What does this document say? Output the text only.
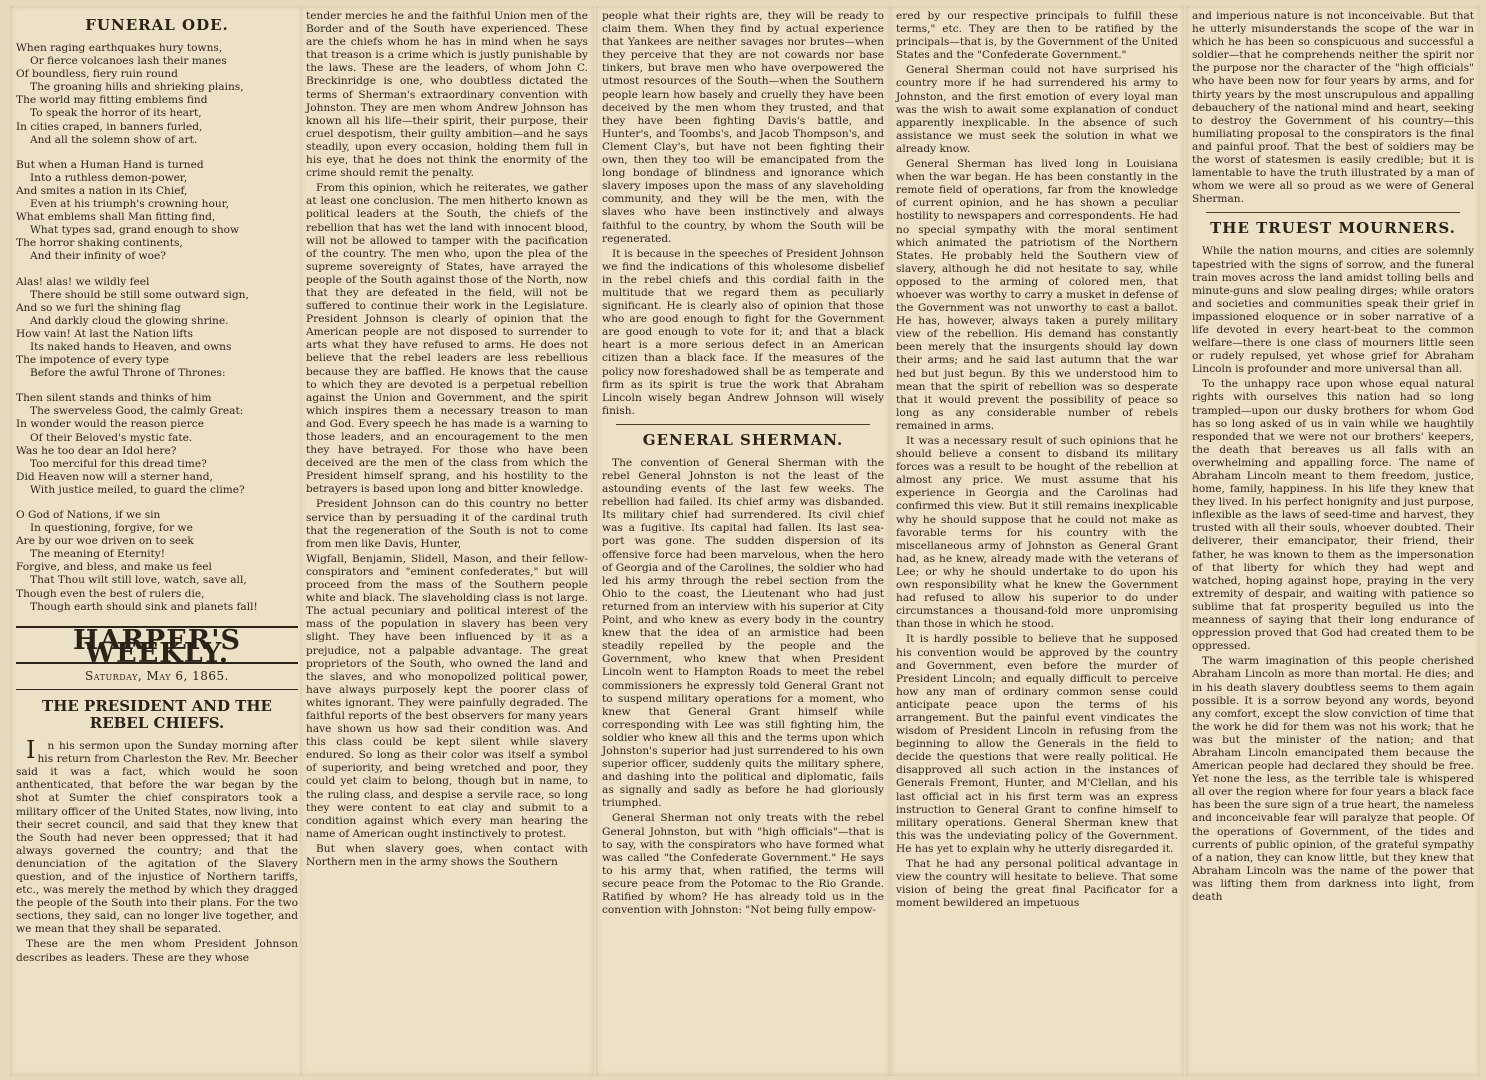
FUNERAL ODE.
When raging earthquakes hury towns,
Or fierce volcanoes lash their manes
Of boundless, fiery ruin round
The groaning hills and shrieking plains,
The world may fitting emblems find
To speak the horror of its heart,
In cities craped, in banners furled,
And all the solemn show of art.
But when a Human Hand is turned
Into a ruthless demon-power,
And smites a nation in its Chief,
Even at his triumph's crowning hour,
What emblems shall Man fitting find,
What types sad, grand enough to show
The horror shaking continents,
And their infinity of woe?
Alas! alas! we wildly feel
There should be still some outward sign,
And so we furl the shining flag
And darkly cloud the glowing shrine.
How vain! At last the Nation lifts
Its naked hands to Heaven, and owns
The impotence of every type
Before the awful Throne of Thrones:
Then silent stands and thinks of him
The swerveless Good, the calmly Great:
In wonder would the reason pierce
Of their Beloved's mystic fate.
Was he too dear an Idol here?
Too merciful for this dread time?
Did Heaven now will a sterner hand,
With justice meiled, to guard the clime?
O God of Nations, if we sin
In questioning, forgive, for we
Are by our woe driven on to seek
The meaning of Eternity!
Forgive, and bless, and make us feel
That Thou wilt still love, watch, save all,
Though even the best of rulers die,
Though earth should sink and planets fall!
HARPER'S WEEKLY.
Saturday, May 6, 1865.
THE PRESIDENT AND THE
REBEL CHIEFS.

In his sermon upon the Sunday morning after his return from Charleston the Rev. Mr. Beecher said it was a fact, which would he soon anthenticated, that before the war began by the shot at Sumter the chief conspirators took a military officer of the United States, now living, into their secret council, and said that they knew that the South had never been oppressed; that it had always governed the country; and that the denunciation of the agitation of the Slavery question, and of the injustice of Northern tariffs, etc., was merely the method by which they dragged the people of the South into their plans. For the two sections, they said, can no longer live together, and we mean that they shall be separated.

These are the men whom President Johnson describes as leaders. These are they whose

tender mercies he and the faithful Union men of the Border and of the South have experienced. These are the chiefs whom he has in mind when he says that treason is a crime which is justly punishable by the laws. These are the leaders, of whom John C. Breckinridge is one, who doubtless dictated the terms of Sherman's extraordinary convention with Johnston. They are men whom Andrew Johnson has known all his life—their spirit, their purpose, their cruel despotism, their guilty ambition—and he says steadily, upon every occasion, holding them full in his eye, that he does not think the enormity of the crime should remit the penalty.

From this opinion, which he reiterates, we gather at least one conclusion. The men hitherto known as political leaders at the South, the chiefs of the rebellion that has wet the land with innocent blood, will not be allowed to tamper with the pacification of the country. The men who, upon the plea of the supreme sovereignty of States, have arrayed the people of the South against those of the North, now that they are defeated in the field, will not be suffered to continue their work in the Legislature. President Johnson is clearly of opinion that the American people are not disposed to surrender to arts what they have refused to arms. He does not believe that the rebel leaders are less rebellious because they are baffled. He knows that the cause to which they are devoted is a perpetual rebellion against the Union and Government, and the spirit which inspires them a necessary treason to man and God. Every speech he has made is a warning to those leaders, and an encouragement to the men they have betrayed. For those who have been deceived are the men of the class from which the President himself sprang, and his hostility to the betrayers is based upon long and bitter knowledge.

President Johnson can do this country no better service than by persuading it of the cardinal truth that the regeneration of the South is not to come from men like Davis, Hunter,

Wigfall, Benjamin, Slidell, Mason, and their fellow-conspirators and "eminent confederates," but will proceed from the mass of the Southern people white and black. The slaveholding class is not large. The actual pecuniary and political interest of the mass of the population in slavery has been very slight. They have been influenced by it as a prejudice, not a palpable advantage. The great proprietors of the South, who owned the land and the slaves, and who monopolized political power, have always purposely kept the poorer class of whites ignorant. They were painfully degraded. The faithful reports of the best observers for many years have shown us how sad their condition was. And this class could be kept silent while slavery endured. So long as their color was itself a symbol of superiority, and being wretched and poor, they could yet claim to belong, though but in name, to the ruling class, and despise a servile race, so long they were content to eat clay and submit to a condition against which every man hearing the name of American ought instinctively to protest.

But when slavery goes, when contact with Northern men in the army shows the Southern

people what their rights are, they will be ready to claim them. When they find by actual experience that Yankees are neither savages nor brutes—when they perceive that they are not cowards nor base tinkers, but brave men who have overpowered the utmost resources of the South—when the Southern people learn how basely and cruelly they have been deceived by the men whom they trusted, and that they have been fighting Davis's battle, and Hunter's, and Toombs's, and Jacob Thompson's, and Clement Clay's, but have not been fighting their own, then they too will be emancipated from the long bondage of blindness and ignorance which slavery imposes upon the mass of any slaveholding community, and they will be the men, with the slaves who have been instinctively and always faithful to the country, by whom the South will be regenerated.

It is because in the speeches of President Johnson we find the indications of this wholesome disbelief in the rebel chiefs and this cordial faith in the multitude that we regard them as peculiarly significant. He is clearly also of opinion that those who are good enough to fight for the Government are good enough to vote for it; and that a black heart is a more serious defect in an American citizen than a black face. If the measures of the policy now foreshadowed shall be as temperate and firm as its spirit is true the work that Abraham Lincoln wisely began Andrew Johnson will wisely finish.

GENERAL SHERMAN.

The convention of General Sherman with the rebel General Johnston is not the least of the astounding events of the last few weeks. The rebellion had failed. Its chief army was disbanded. Its military chief had surrendered. Its civil chief was a fugitive. Its capital had fallen. Its last sea-port was gone. The sudden dispersion of its offensive force had been marvelous, when the hero of Georgia and of the Carolines, the soldier who had led his army through the rebel section from the Ohio to the coast, the Lieutenant who had just returned from an interview with his superior at City Point, and who knew as every body in the country knew that the idea of an armistice had been steadily repelled by the people and the Government, who knew that when President Lincoln went to Hampton Roads to meet the rebel commissioners he expressly told General Grant not to suspend military operations for a moment, who knew that General Grant himself while corresponding with Lee was still fighting him, the soldier who knew all this and the terms upon which Johnston's superior had just surrendered to his own superior officer, suddenly quits the military sphere, and dashing into the political and diplomatic, fails as signally and sadly as before he had gloriously triumphed.

General Sherman not only treats with the rebel General Johnston, but with "high officials"—that is to say, with the conspirators who have formed what was called "the Confederate Government." He says to his army that, when ratified, the terms will secure peace from the Potomac to the Rio Grande. Ratified by whom? He has already told us in the convention with Johnston: "Not being fully empow-

ered by our respective principals to fulfill these terms," etc. They are then to be ratified by the principals—that is, by the Government of the United States and the "Confederate Government."

General Sherman could not have surprised his country more if he had surrendered his army to Johnston, and the first emotion of every loyal man was the wish to await some explanation of conduct apparently inexplicable. In the absence of such assistance we must seek the solution in what we already know.

General Sherman has lived long in Louisiana when the war began. He has been constantly in the remote field of operations, far from the knowledge of current opinion, and he has shown a peculiar hostility to newspapers and correspondents. He had no special sympathy with the moral sentiment which animated the patriotism of the Northern States. He probably held the Southern view of slavery, although he did not hesitate to say, while opposed to the arming of colored men, that whoever was worthy to carry a musket in defense of the Government was not unworthy to cast a ballot. He has, however, always taken a purely military view of the rebellion. His demand has constantly been merely that the insurgents should lay down their arms; and he said last autumn that the war hed but just begun. By this we understood him to mean that the spirit of rebellion was so desperate that it would prevent the possibility of peace so long as any considerable number of rebels remained in arms.

It was a necessary result of such opinions that he should believe a consent to disband its military forces was a result to be hought of the rebellion at almost any price. We must assume that his experience in Georgia and the Carolinas had confirmed this view. But it still remains inexplicable why he should suppose that he could not make as favorable terms for his country with the miscellaneous army of Johnston as General Grant had, as he knew, already made with the veterans of Lee; or why he should undertake to do upon his own responsibility what he knew the Government had refused to allow his superior to do under circumstances a thousand-fold more unpromising than those in which he stood.

It is hardly possible to believe that he supposed his convention would be approved by the country and Government, even before the murder of President Lincoln; and equally difficult to perceive how any man of ordinary common sense could anticipate peace upon the terms of his arrangement. But the painful event vindicates the wisdom of President Lincoln in refusing from the beginning to allow the Generals in the field to decide the questions that were really political. He disapproved all such action in the instances of Generals Fremont, Hunter, and M'Clellan, and his last official act in his first term was an express instruction to General Grant to confine himself to military operations. General Sherman knew that this was the undeviating policy of the Government. He has yet to explain why he utterly disregarded it.

That he had any personal political advantage in view the country will hesitate to believe. That some vision of being the great final Pacificator for a moment bewildered an impetuous

and imperious nature is not inconceivable. But that he utterly misunderstands the scope of the war in which he has been so conspicuous and successful a soldier—that he comprehends neither the spirit nor the purpose nor the character of the "high officials" who have been now for four years by arms, and for thirty years by the most unscrupulous and appalling debauchery of the national mind and heart, seeking to destroy the Government of his country—this humiliating proposal to the conspirators is the final and painful proof. That the best of soldiers may be the worst of statesmen is easily credible; but it is lamentable to have the truth illustrated by a man of whom we were all so proud as we were of General Sherman.

THE TRUEST MOURNERS.

While the nation mourns, and cities are solemnly tapestried with the signs of sorrow, and the funeral train moves across the land amidst tolling bells and minute-guns and slow pealing dirges; while orators and societies and communities speak their grief in impassioned eloquence or in sober narrative of a life devoted in every heart-beat to the common welfare—there is one class of mourners little seen or rudely repulsed, yet whose grief for Abraham Lincoln is profounder and more universal than all.

To the unhappy race upon whose equal natural rights with ourselves this nation had so long trampled—upon our dusky brothers for whom God has so long asked of us in vain while we haughtily responded that we were not our brothers' keepers, the death that bereaves us all falls with an overwhelming and appalling force. The name of Abraham Lincoln meant to them freedom, justice, home, family, happiness. In his life they knew that they lived. In his perfect honignity and just purpose, inflexible as the laws of seed-time and harvest, they trusted with all their souls, whoever doubted. Their deliverer, their emancipator, their friend, their father, he was known to them as the impersonation of that liberty for which they had wept and watched, hoping against hope, praying in the very extremity of despair, and waiting with patience so sublime that fat prosperity beguiled us into the meanness of saying that their long endurance of oppression proved that God had created them to be oppressed.

The warm imagination of this people cherished Abraham Lincoln as more than mortal. He dies; and in his death slavery doubtless seems to them again possible. It is a sorrow beyond any words, beyond any comfort, except the slow conviction of time that the work he did for them was not his work; that he was but the minister of the nation; and that Abraham Lincoln emancipated them because the American people had declared they should be free. Yet none the less, as the terrible tale is whispered all over the region where for four years a black face has been the sure sign of a true heart, the nameless and inconceivable fear will paralyze that people. Of the operations of Government, of the tides and currents of public opinion, of the grateful sympathy of a nation, they can know little, but they knew that Abraham Lincoln was the name of the power that was lifting them from darkness into light, from death
